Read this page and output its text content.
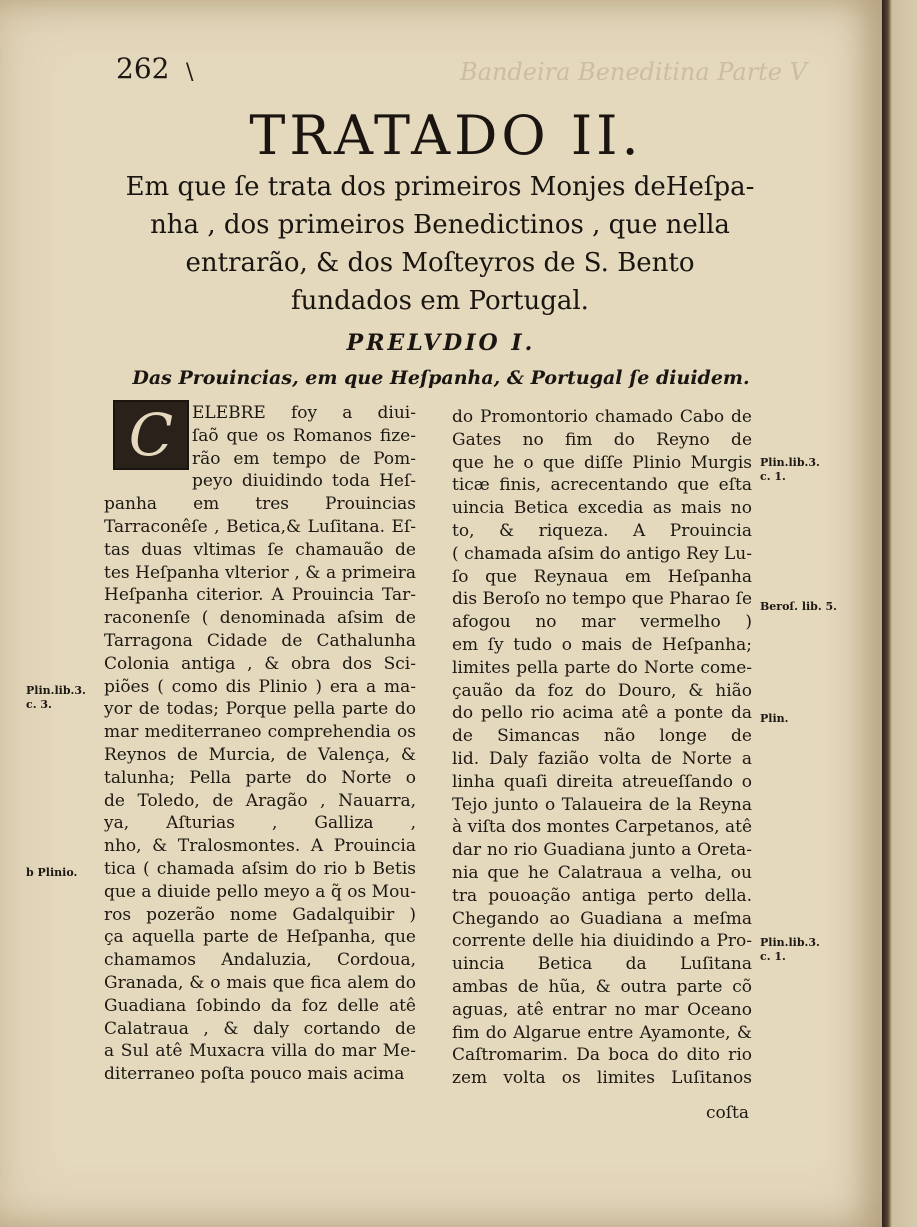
Bandeira Beneditina Parte V
262 \
TRATADO II.
Em que ſe trata dos primeiros Monjes deHeſpa-
nha , dos primeiros Benedictinos , que nella
entrarão, & dos Moſteyros de S. Bento
fundados em Portugal.
PRELVDIO I.
Das Prouincias, em que Heſpanha, & Portugal ſe diuidem.
C	ELEBRE foy a diui-
ſaõ que os Romanos fize-
rão em tempo de Pom-
peyo diuidindo toda Heſ-
panha em tres Prouincias
Tarraconêſe , Betica,& Luſitana. Eſ-
tas duas vltimas ſe chamauão de
tes Heſpanha vlterior , & a primeira
Heſpanha citerior. A Prouincia Tar-
raconenſe ( denominada aſsim de
Tarragona Cidade de Cathalunha
Colonia antiga , & obra dos Sci-
piões ( como dis Plinio ) era a ma-
yor de todas; Porque pella parte do
mar mediterraneo comprehendia os
Reynos de Murcia, de Valença, &
talunha; Pella parte do Norte o
de Toledo, de Aragão , Nauarra,
ya, Aſturias , Galliza ,
nho, & Tralosmontes. A Prouincia
tica ( chamada aſsim do rio b Betis
que a diuide pello meyo a q̃ os Mou-
ros pozerão nome Gadalquibir )
ça aquella parte de Heſpanha, que
chamamos Andaluzia, Cordoua,
Granada, & o mais que fica alem do
Guadiana ſobindo da foz delle atê
Calatraua , & daly cortando de
a Sul atê Muxacra villa do mar Me-
diterraneo poſta pouco mais acima
do Promontorio chamado Cabo de
Gates no fim do Reyno de
que he o que diſſe Plinio Murgis
ticæ finis, acrecentando que eſta
uincia Betica excedia as mais no
to, & riqueza. A Prouincia
( chamada aſsim do antigo Rey Lu-
ſo que Reynaua em Heſpanha
dis Beroſo no tempo que Pharao ſe
afogou no mar vermelho )
em ſy tudo o mais de Heſpanha;
limites pella parte do Norte come-
çauão da foz do Douro, & hião
do pello rio acima atê a ponte da
de Simancas não longe de
lid. Daly fazião volta de Norte a
linha quaſi direita atreueſſando o
Tejo junto o Talaueira de la Reyna
à viſta dos montes Carpetanos, atê
dar no rio Guadiana junto a Oreta-
nia que he Calatraua a velha, ou
tra pouoação antiga perto della.
Chegando ao Guadiana a meſma
corrente delle hia diuidindo a Pro-
uincia Betica da Luſitana
ambas de hũa, & outra parte cõ
aguas, atê entrar no mar Oceano
fim do Algarue entre Ayamonte, &
Caſtromarim. Da boca do dito rio
zem volta os limites Luſitanos
coſta
Plin.lib.3.
c. 3.
b Plinio.
Plin.lib.3.
c. 1.
Beroſ. lib. 5.
Plin.
Plin.lib.3.
c. 1.
